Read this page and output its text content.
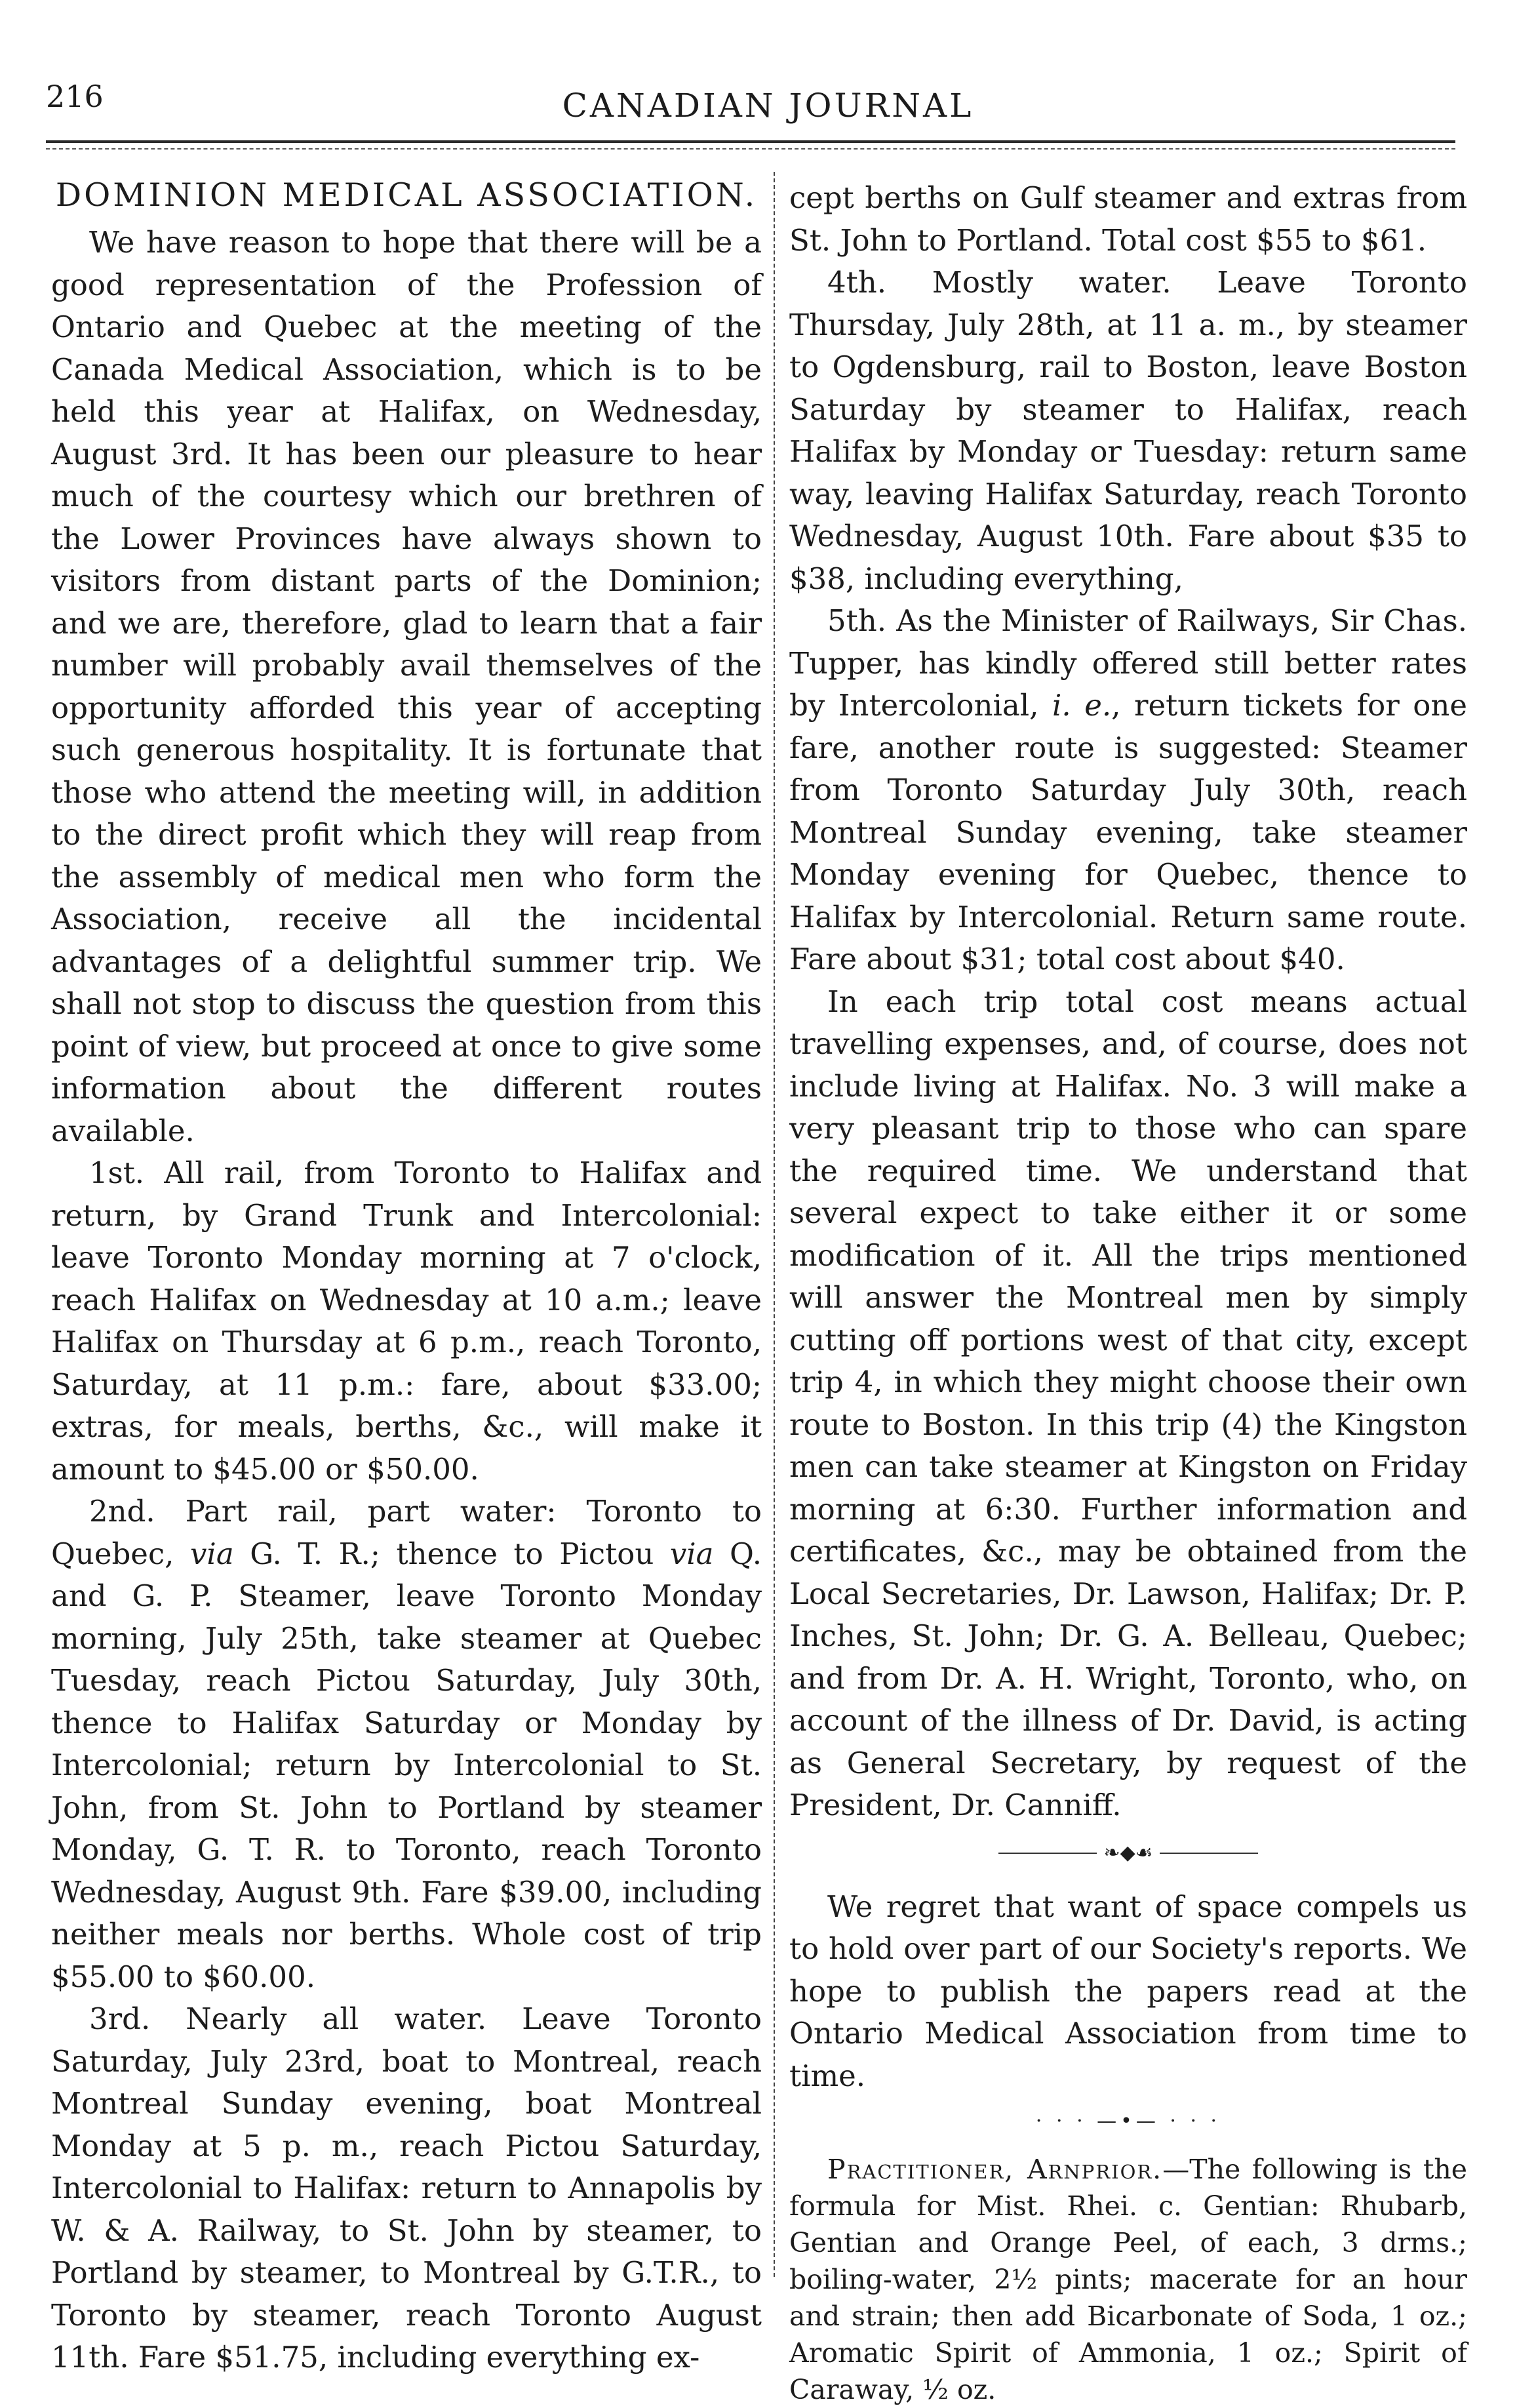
216	CANADIAN JOURNAL
DOMINION MEDICAL ASSOCIATION.

We have reason to hope that there will be a good representation of the Profession of Ontario and Quebec at the meeting of the Canada Medical Association, which is to be held this year at Halifax, on Wednesday, August 3rd. It has been our pleasure to hear much of the courtesy which our brethren of the Lower Provinces have always shown to visitors from distant parts of the Dominion; and we are, therefore, glad to learn that a fair number will probably avail themselves of the opportunity afforded this year of accepting such generous hospitality. It is fortunate that those who attend the meeting will, in addition to the direct profit which they will reap from the assembly of medical men who form the Association, receive all the incidental advantages of a delightful summer trip. We shall not stop to discuss the question from this point of view, but proceed at once to give some information about the different routes available.

1st. All rail, from Toronto to Halifax and return, by Grand Trunk and Intercolonial: leave Toronto Monday morning at 7 o'clock, reach Halifax on Wednesday at 10 a.m.; leave Halifax on Thursday at 6 p.m., reach Toronto, Saturday, at 11 p.m.: fare, about $33.00; extras, for meals, berths, &c., will make it amount to $45.00 or $50.00.

2nd. Part rail, part water: Toronto to Quebec, via G. T. R.; thence to Pictou via Q. and G. P. Steamer, leave Toronto Monday morning, July 25th, take steamer at Quebec Tuesday, reach Pictou Saturday, July 30th, thence to Halifax Saturday or Monday by Intercolonial; return by Intercolonial to St. John, from St. John to Portland by steamer Monday, G. T. R. to Toronto, reach Toronto Wednesday, August 9th. Fare $39.00, including neither meals nor berths. Whole cost of trip $55.00 to $60.00.

3rd. Nearly all water. Leave Toronto Saturday, July 23rd, boat to Montreal, reach Montreal Sunday evening, boat Montreal Monday at 5 p. m., reach Pictou Saturday, Intercolonial to Halifax: return to Annapolis by W. & A. Railway, to St. John by steamer, to Portland by steamer, to Montreal by G.T.R., to Toronto by steamer, reach Toronto August 11th. Fare $51.75, including everything ex-

cept berths on Gulf steamer and extras from St. John to Portland. Total cost $55 to $61.

4th. Mostly water. Leave Toronto Thursday, July 28th, at 11 a. m., by steamer to Ogdensburg, rail to Boston, leave Boston Saturday by steamer to Halifax, reach Halifax by Monday or Tuesday: return same way, leaving Halifax Saturday, reach Toronto Wednesday, August 10th. Fare about $35 to $38, including everything,

5th. As the Minister of Railways, Sir Chas. Tupper, has kindly offered still better rates by Intercolonial, i. e., return tickets for one fare, another route is suggested: Steamer from Toronto Saturday July 30th, reach Montreal Sunday evening, take steamer Monday evening for Quebec, thence to Halifax by Intercolonial. Return same route. Fare about $31; total cost about $40.

In each trip total cost means actual travelling expenses, and, of course, does not include living at Halifax. No. 3 will make a very pleasant trip to those who can spare the required time. We understand that several expect to take either it or some modification of it. All the trips mentioned will answer the Montreal men by simply cutting off portions west of that city, except trip 4, in which they might choose their own route to Boston. In this trip (4) the Kingston men can take steamer at Kingston on Friday morning at 6:30. Further information and certificates, &c., may be obtained from the Local Secretaries, Dr. Lawson, Halifax; Dr. P. Inches, St. John; Dr. G. A. Belleau, Quebec; and from Dr. A. H. Wright, Toronto, who, on account of the illness of Dr. David, is acting as General Secretary, by request of the President, Dr. Canniff.

❧◆☙

We regret that want of space compels us to hold over part of our Society's reports. We hope to publish the papers read at the Ontario Medical Association from time to time.

· · · —•— · · ·

Practitioner, Arnprior.—The following is the formula for Mist. Rhei. c. Gentian: Rhubarb, Gentian and Orange Peel, of each, 3 drms.; boiling-water, 2½ pints; macerate for an hour and strain; then add Bicarbonate of Soda, 1 oz.; Aromatic Spirit of Ammonia, 1 oz.; Spirit of Caraway, ½ oz.
